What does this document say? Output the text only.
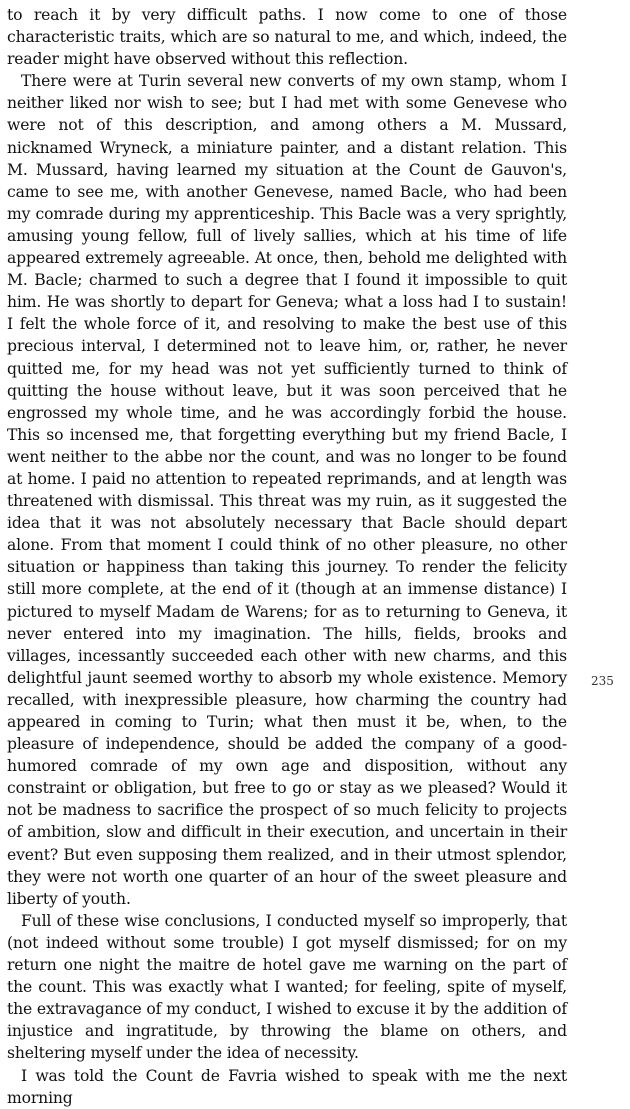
to reach it by very difficult paths. I now come to one of those characteristic traits, which are so natural to me, and which, indeed, the reader might have observed without this reflection.

There were at Turin several new converts of my own stamp, whom I neither liked nor wish to see; but I had met with some Genevese who were not of this description, and among others a M. Mussard, nicknamed Wryneck, a miniature painter, and a distant relation. This M. Mussard, having learned my situation at the Count de Gauvon's, came to see me, with another Genevese, named Bacle, who had been my comrade during my apprenticeship. This Bacle was a very sprightly, amusing young fellow, full of lively sallies, which at his time of life appeared extremely agreeable. At once, then, behold me delighted with M. Bacle; charmed to such a degree that I found it impossible to quit him. He was shortly to depart for Geneva; what a loss had I to sustain! I felt the whole force of it, and resolving to make the best use of this precious interval, I determined not to leave him, or, rather, he never quitted me, for my head was not yet sufficiently turned to think of quitting the house without leave, but it was soon perceived that he engrossed my whole time, and he was accordingly forbid the house. This so incensed me, that forgetting everything but my friend Bacle, I went neither to the abbe nor the count, and was no longer to be found at home. I paid no attention to repeated reprimands, and at length was threatened with dismissal. This threat was my ruin, as it suggested the idea that it was not absolutely necessary that Bacle should depart alone. From that moment I could think of no other pleasure, no other situation or happiness than taking this journey. To render the felicity still more complete, at the end of it (though at an immense distance) I pictured to myself Madam de Warens; for as to returning to Geneva, it never entered into my imagination. The hills, fields, brooks and villages, incessantly succeeded each other with new charms, and this delightful jaunt seemed worthy to absorb my whole existence. Memory recalled, with inexpressible pleasure, how charming the country had appeared in coming to Turin; what then must it be, when, to the pleasure of independence, should be added the company of a good-humored comrade of my own age and disposition, without any constraint or obligation, but free to go or stay as we pleased? Would it not be madness to sacrifice the prospect of so much felicity to projects of ambition, slow and difficult in their execution, and uncertain in their event? But even supposing them realized, and in their utmost splendor, they were not worth one quarter of an hour of the sweet pleasure and liberty of youth.

Full of these wise conclusions, I conducted myself so improperly, that (not indeed without some trouble) I got myself dismissed; for on my return one night the maitre de hotel gave me warning on the part of the count. This was exactly what I wanted; for feeling, spite of myself, the extravagance of my conduct, I wished to excuse it by the addition of injustice and ingratitude, by throwing the blame on others, and sheltering myself under the idea of necessity.

I was told the Count de Favria wished to speak with me the next morning

235
